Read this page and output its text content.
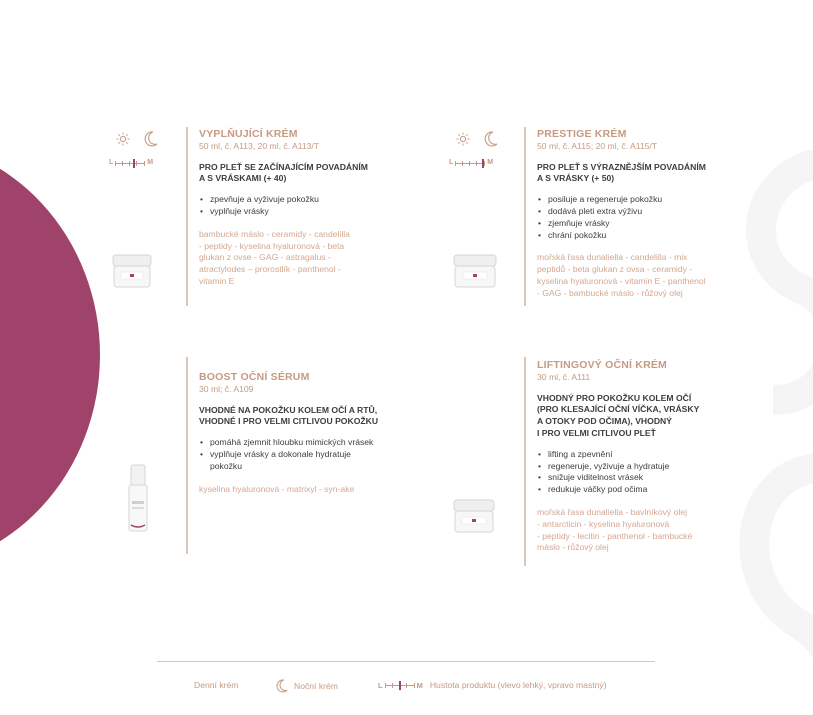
L	M
VYPLŇUJÍCÍ KRÉM
50 ml, č. A113, 20 ml, č. A113/T
PRO PLEŤ SE ZAČÍNAJÍCÍM POVADÁNÍM
A S VRÁSKAMI (+ 40)
• zpevňuje a vyživuje pokožku
• vyplňuje vrásky
bambucké máslo - ceramidy - candelilla
- peptidy - kyselina hyaluronová - beta
glukan z ovse - GAG - astragalus -
atractylodes – prorostlík - panthenol -
vitamin E
L	M
PRESTIGE KRÉM
50 ml, č. A115; 20 ml, č. A115/T
PRO PLEŤ S VÝRAZNĚJŠÍM POVADÁNÍM
A S VRÁSKY (+ 50)
• posiluje a regeneruje pokožku
• dodává pleti extra výživu
• zjemňuje vrásky
• chrání pokožku
mořská řasa dunaliella - candelilla - mix
peptidů - beta glukan z ovsa - ceramidy -
kyselina hyaluronová - vitamin E - panthenol
- GAG - bambucké máslo - růžový olej
BOOST OČNÍ SÉRUM
30 ml; č. A109
VHODNÉ NA POKOŽKU KOLEM OČÍ A RTŮ,
VHODNÉ I PRO VELMI CITLIVOU POKOŽKU
• pomáhá zjemnit hloubku mimických vrásek
• vyplňuje vrásky a dokonale hydratuje pokožku
kyselina hyaluronová - matrixyl - syn-ake
LIFTINGOVÝ OČNÍ KRÉM
30 ml, č. A111
VHODNÝ PRO POKOŽKU KOLEM OČÍ
(PRO KLESAJÍCÍ OČNÍ VÍČKA, VRÁSKY
A OTOKY POD OČIMA), VHODNÝ
I PRO VELMI CITLIVOU PLEŤ
• lifting a zpevnění
• regeneruje, vyživuje a hydratuje
• snižuje viditelnost vrásek
• redukuje váčky pod očima
mořská řasa dunaliella - bavlníkový olej
- antarcticin - kyselina hyaluronová
- peptidy - lecitin - panthenol - bambucké
máslo - růžový olej
Denní krém	Noční krém	L	M Hustota produktu (vlevo lehký, vpravo mastný)
